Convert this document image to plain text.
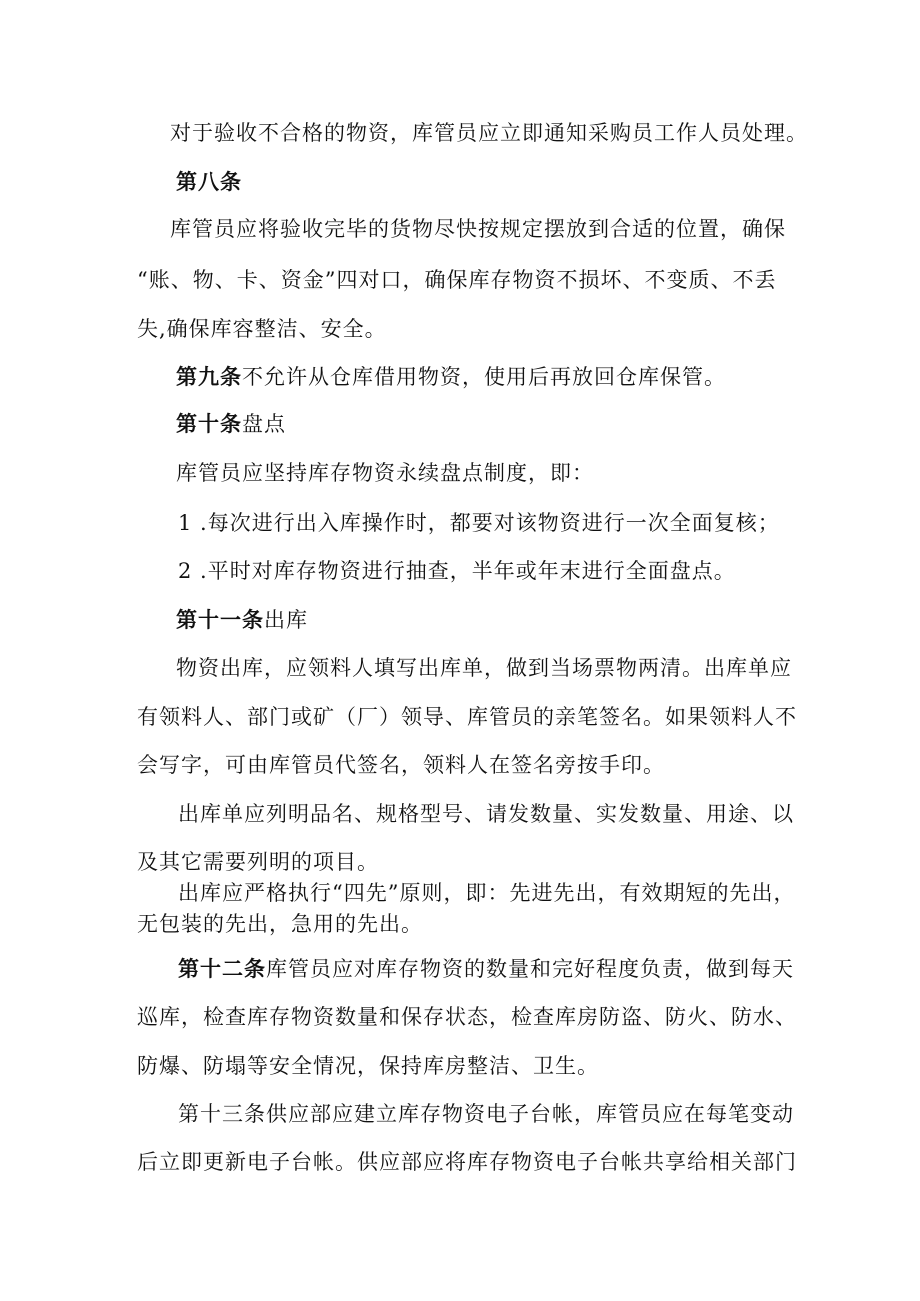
对于验收不合格的物资，库管员应立即通知采购员工作人员处理。
第八条
库管员应将验收完毕的货物尽快按规定摆放到合适的位置，确保
“账、物、卡、资金”四对口，确保库存物资不损坏、不变质、不丢
失,确保库容整洁、安全。
第九条不允许从仓库借用物资，使用后再放回仓库保管。
第十条盘点
库管员应坚持库存物资永续盘点制度，即：
1 .每次进行出入库操作时，都要对该物资进行一次全面复核；
2 .平时对库存物资进行抽查，半年或年末进行全面盘点。
第十一条出库
物资出库，应领料人填写出库单，做到当场票物两清。出库单应
有领料人、部门或矿（厂）领导、库管员的亲笔签名。如果领料人不
会写字，可由库管员代签名，领料人在签名旁按手印。
出库单应列明品名、规格型号、请发数量、实发数量、用途、以
及其它需要列明的项目。
出库应严格执行“四先”原则，即：先进先出，有效期短的先出，
无包装的先出，急用的先出。
第十二条库管员应对库存物资的数量和完好程度负责，做到每天
巡库，检查库存物资数量和保存状态，检查库房防盗、防火、防水、
防爆、防塌等安全情况，保持库房整洁、卫生。
第十三条供应部应建立库存物资电子台帐，库管员应在每笔变动
后立即更新电子台帐。供应部应将库存物资电子台帐共享给相关部门
